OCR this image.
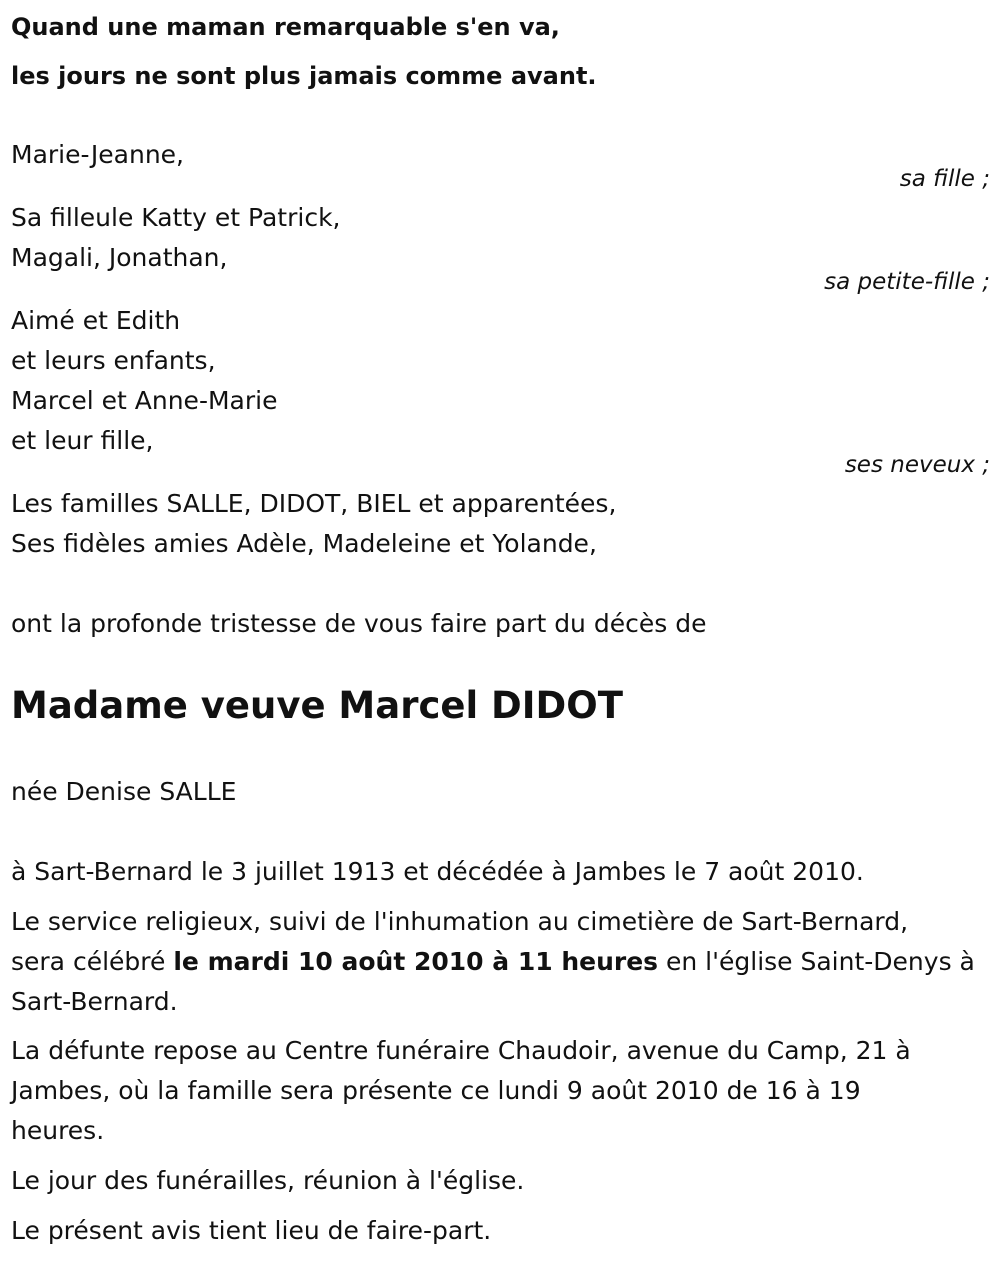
Quand une maman remarquable s'en va,

les jours ne sont plus jamais comme avant.

Marie-Jeanne,

sa fille ;

Sa filleule Katty et Patrick,

Magali, Jonathan,

sa petite-fille ;

Aimé et Edith

et leurs enfants,

Marcel et Anne-Marie

et leur fille,

ses neveux ;

Les familles SALLE, DIDOT, BIEL et apparentées,

Ses fidèles amies Adèle, Madeleine et Yolande,

ont la profonde tristesse de vous faire part du décès de

Madame veuve Marcel DIDOT

née Denise SALLE

à Sart-Bernard le 3 juillet 1913 et décédée à Jambes le 7 août 2010.

Le service religieux, suivi de l'inhumation au cimetière de Sart-Bernard,

sera célébré le mardi 10 août 2010 à 11 heures en l'église Saint-Denys à

Sart-Bernard.

La défunte repose au Centre funéraire Chaudoir, avenue du Camp, 21 à

Jambes, où la famille sera présente ce lundi 9 août 2010 de 16 à 19

heures.

Le jour des funérailles, réunion à l'église.

Le présent avis tient lieu de faire-part.
